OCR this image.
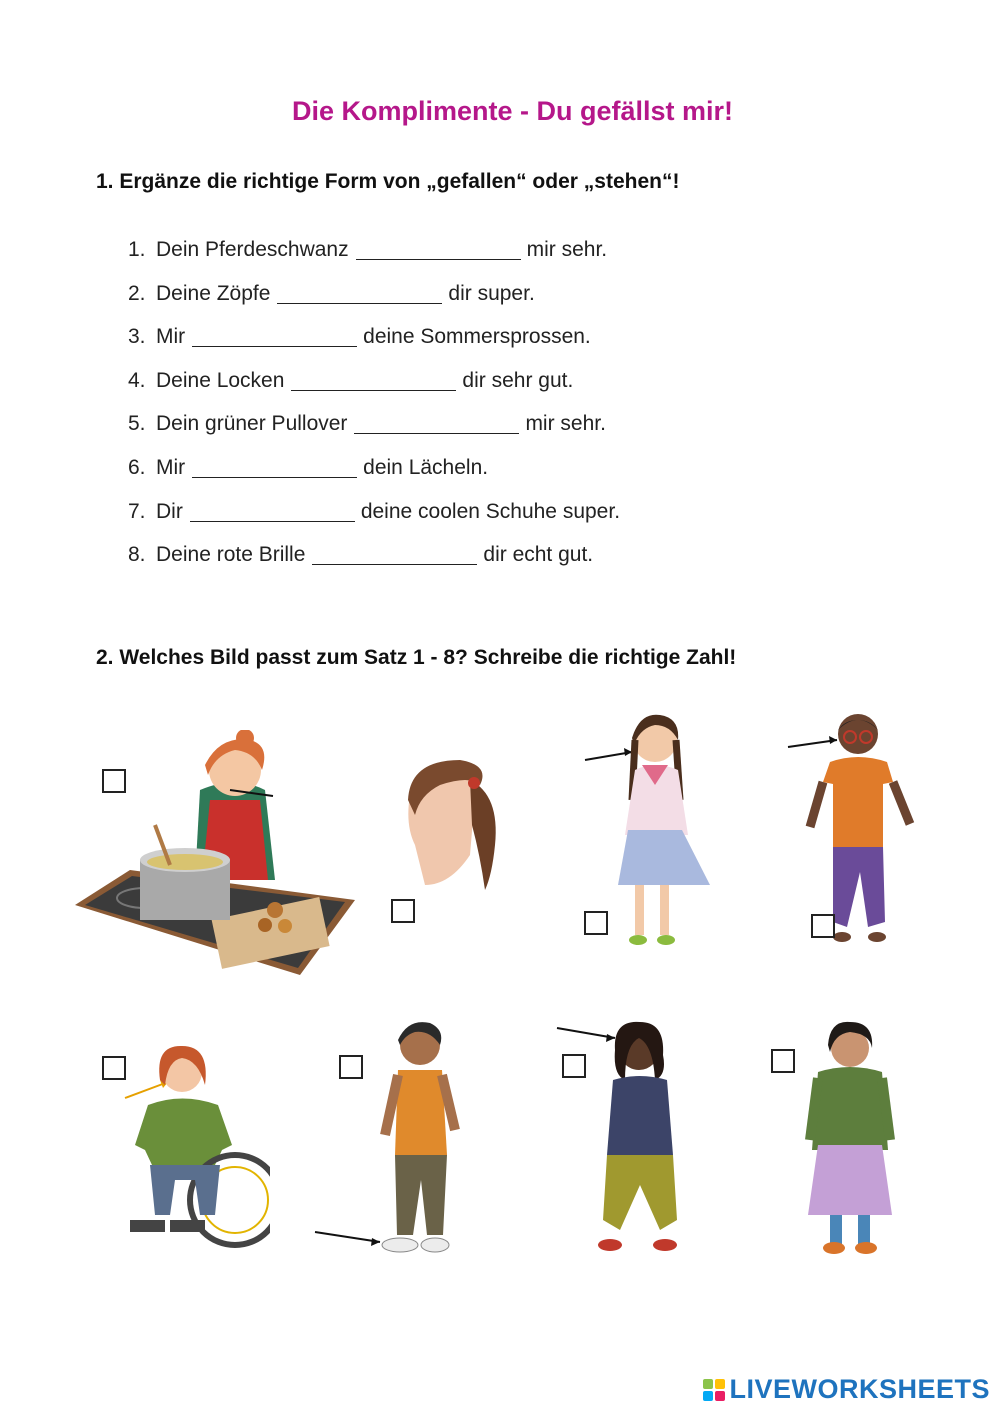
Die Komplimente - Du gefällst mir!
1. Ergänze die richtige Form von „gefallen“ oder „stehen“!
1. Dein Pferdeschwanz	mir sehr.
2. Deine Zöpfe	dir super.
3. Mir	deine Sommersprossen.
4. Deine Locken	dir sehr gut.
5. Dein grüner Pullover	mir sehr.
6. Mir	dein Lächeln.
7. Dir	deine coolen Schuhe super.
8. Deine rote Brille	dir echt gut.
2. Welches Bild passt zum Satz 1 - 8? Schreibe die richtige Zahl!
LIVEWORKSHEETS
